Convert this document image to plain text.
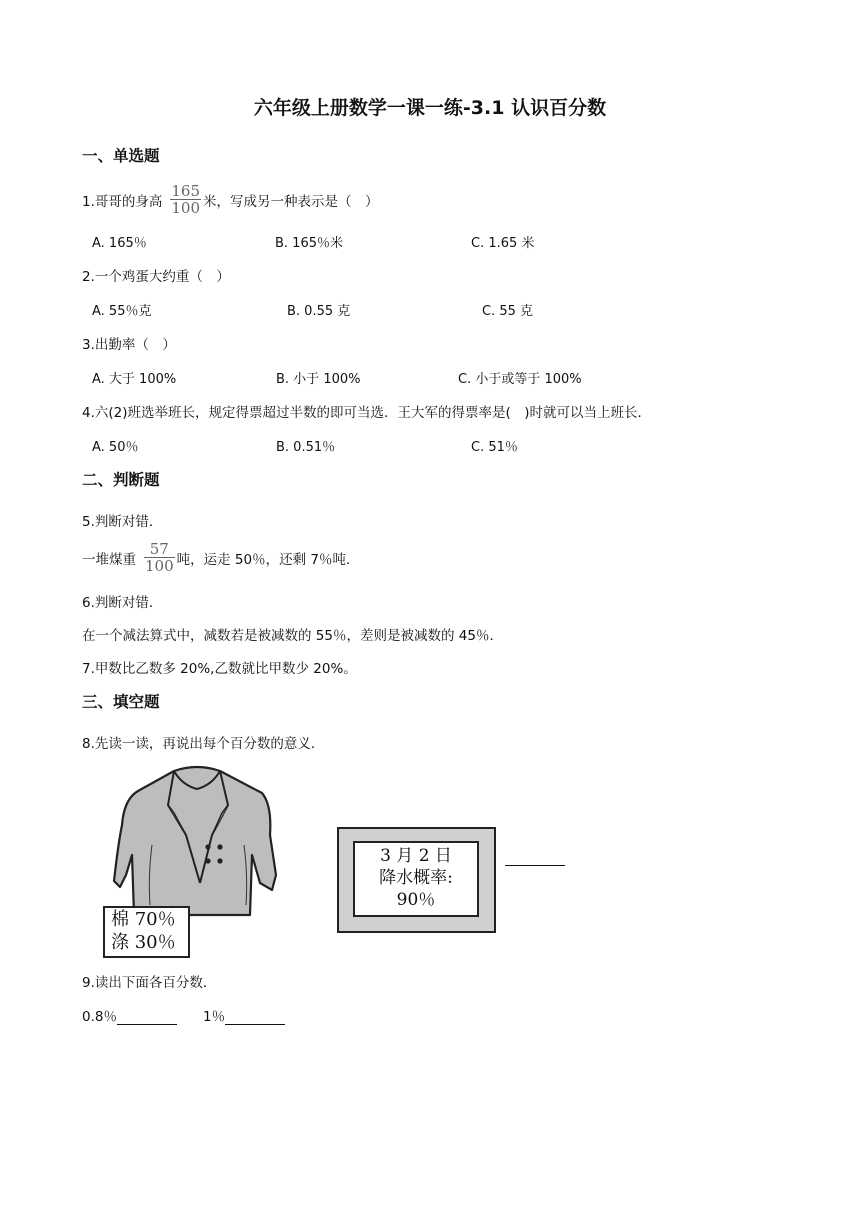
六年级上册数学一课一练-3.1 认识百分数
一、单选题
1.哥哥的身高 $\frac{165}{100}$ 米，写成另一种表示是（　）
A. 165％	B. 165％米	C. 1.65 米
2.一个鸡蛋大约重（　）
A. 55％克	B. 0.55 克	C. 55 克
3.出勤率（　）
A. 大于 100%	B. 小于 100%	C. 小于或等于 100%
4.六(2)班选举班长，规定得票超过半数的即可当选．王大军的得票率是(　)时就可以当上班长．
A. 50％	B. 0.51％	C. 51％
二、判断题
5.判断对错．
一堆煤重 $\frac{57}{100}$ 吨，运走 50％，还剩 7％吨．
6.判断对错．
在一个减法算式中，减数若是被减数的 55％，差则是被减数的 45％．
7.甲数比乙数多 20%,乙数就比甲数少 20%。
三、填空题
8.先读一读，再说出每个百分数的意义．
棉 70％
涤 30％
3 月 2 日
降水概率:
90％
9.读出下面各百分数．
0.8％	1％
